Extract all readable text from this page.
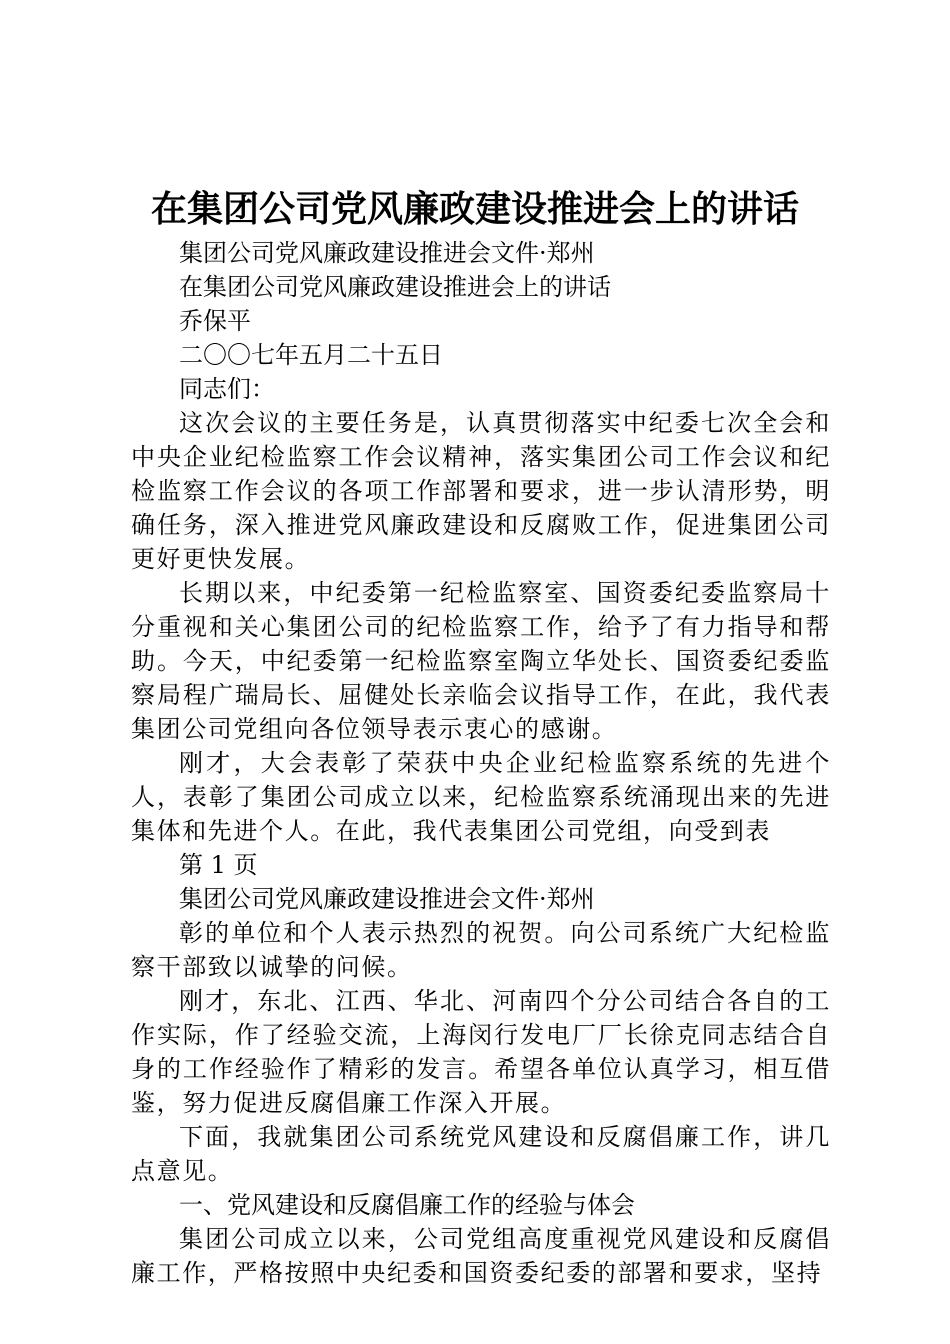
在集团公司党风廉政建设推进会上的讲话

集团公司党风廉政建设推进会文件·郑州

在集团公司党风廉政建设推进会上的讲话

乔保平

二〇〇七年五月二十五日

同志们：

这次会议的主要任务是，认真贯彻落实中纪委七次全会和中央企业纪检监察工作会议精神，落实集团公司工作会议和纪检监察工作会议的各项工作部署和要求，进一步认清形势，明确任务，深入推进党风廉政建设和反腐败工作，促进集团公司更好更快发展。

长期以来，中纪委第一纪检监察室、国资委纪委监察局十分重视和关心集团公司的纪检监察工作，给予了有力指导和帮助。今天，中纪委第一纪检监察室陶立华处长、国资委纪委监察局程广瑞局长、屈健处长亲临会议指导工作，在此，我代表集团公司党组向各位领导表示衷心的感谢。

刚才，大会表彰了荣获中央企业纪检监察系统的先进个人，表彰了集团公司成立以来，纪检监察系统涌现出来的先进集体和先进个人。在此，我代表集团公司党组，向受到表

第 1 页

集团公司党风廉政建设推进会文件·郑州

彰的单位和个人表示热烈的祝贺。向公司系统广大纪检监察干部致以诚挚的问候。

刚才，东北、江西、华北、河南四个分公司结合各自的工作实际，作了经验交流，上海闵行发电厂厂长徐克同志结合自身的工作经验作了精彩的发言。希望各单位认真学习，相互借鉴，努力促进反腐倡廉工作深入开展。

下面，我就集团公司系统党风建设和反腐倡廉工作，讲几点意见。

一、党风建设和反腐倡廉工作的经验与体会

集团公司成立以来，公司党组高度重视党风建设和反腐倡廉工作，严格按照中央纪委和国资委纪委的部署和要求，坚持
